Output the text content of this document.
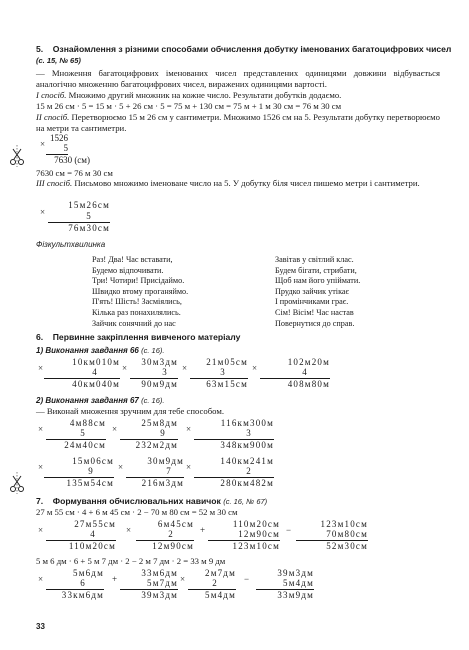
5. Ознайомлення з різними способами обчислення добутку іменованих багатоцифрових чисел
(с. 15, № 65)
— Множення багатоцифрових іменованих чисел представлених одиницями довжини відбувається аналогічно множенню багатоцифрових чисел, виражених одиницями вартості.
I спосіб. Множимо другий множник на кожне число. Результати добутків додаємо.
15 м 26 см · 5 = 15 м · 5 + 26 см · 5 = 75 м + 130 см = 75 м + 1 м 30 см = 76 м 30 см
II спосіб. Перетворюємо 15 м 26 см у сантиметри. Множимо 1526 см на 5. Результати добутку перетворюємо на метри та сантиметри.
×
1526
5
7630 (см)
7630 см = 76 м 30 см
III спосіб. Письмово множимо іменоване число на 5. У добутку біля чисел пишемо метри і сантиметри.
×
15м26см
5
76м30см
Фізкультхвилинка
Раз! Два! Час вставати,
Будемо відпочивати.
Три! Чотири! Присідаймо.
Швидко втому проганяймо.
П'ять! Шість! Засміялись,
Кілька раз понахилялись.
Зайчик сонячний до нас
Завітав у світлий клас.
Будем бігати, стрибати,
Щоб нам його упіймати.
Прудко зайчик утікає
І промінчиками грає.
Сім! Вісім! Час настав
Повернутися до справ.
6. Первинне закріплення вивченого матеріалу
1) Виконання завдання 66 (с. 16).
×
10км010м
4
40км040м
×
30м3дм
3
90м9дм
×
21м05см
3
63м15см
×
102м20м
4
408м80м
2) Виконання завдання 67 (с. 16).
— Виконай множення зручним для тебе способом.
×
4м88см
5
24м40см
×
25м8дм
9
232м2дм
×
116км300м
3
348км900м
×
15м06см
9
135м54см
×
30м9дм
7
216м3дм
×
140км241м
2
280км482м
7. Формування обчислювальних навичок (с. 16, № 67)
27 м 55 см · 4 + 6 м 45 см · 2 − 70 м 80 см = 52 м 30 см
×
27м55см
4
110м20см
×
6м45см
2
12м90см
+
110м20см
12м90см
123м10см
−
123м10см
70м80см
52м30см
5 м 6 дм · 6 + 5 м 7 дм · 2 − 2 м 7 дм · 2 = 33 м 9 дм
×
5м6дм
6
33км6дм
+
33м6дм
5м7дм
39м3дм
×
2м7дм
2
5м4дм
−
39м3дм
5м4дм
33м9дм
33
